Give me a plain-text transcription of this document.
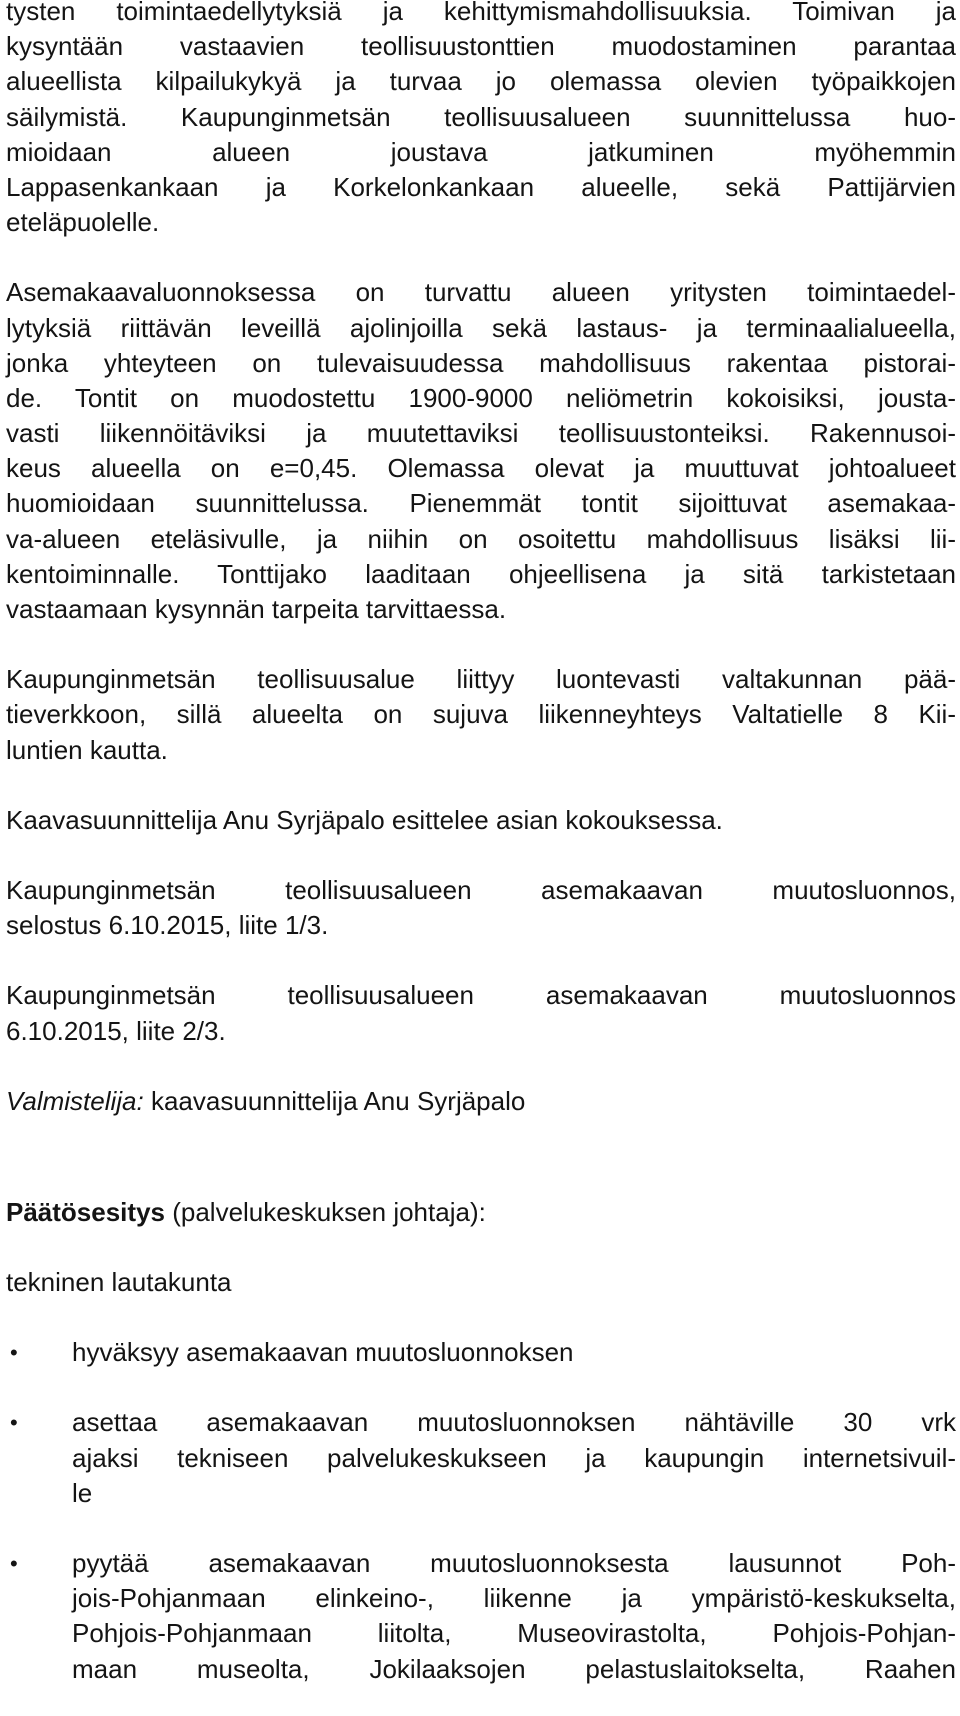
tysten toimintaedellytyksiä ja kehittymismahdollisuuksia. Toimivan ja
kysyntään vastaavien teollisuustonttien muodostaminen parantaa
alueellista kilpailukykyä ja turvaa jo olemassa olevien työpaikkojen
säilymistä. Kaupunginmetsän teollisuusalueen suunnittelussa huo-
mioidaan alueen joustava jatkuminen myöhemmin
Lappasenkankaan ja Korkelonkankaan alueelle, sekä Pattijärvien
eteläpuolelle.
Asemakaavaluonnoksessa on turvattu alueen yritysten toimintaedel-
lytyksiä riittävän leveillä ajolinjoilla sekä lastaus- ja terminaalialueella,
jonka yhteyteen on tulevaisuudessa mahdollisuus rakentaa pistorai-
de. Tontit on muodostettu 1900-9000 neliömetrin kokoisiksi, jousta-
vasti liikennöitäviksi ja muutettaviksi teollisuustonteiksi. Rakennusoi-
keus alueella on e=0,45. Olemassa olevat ja muuttuvat johtoalueet
huomioidaan suunnittelussa. Pienemmät tontit sijoittuvat asemakaa-
va-alueen eteläsivulle, ja niihin on osoitettu mahdollisuus lisäksi lii-
kentoiminnalle. Tonttijako laaditaan ohjeellisena ja sitä tarkistetaan
vastaamaan kysynnän tarpeita tarvittaessa.
Kaupunginmetsän teollisuusalue liittyy luontevasti valtakunnan pää-
tieverkkoon, sillä alueelta on sujuva liikenneyhteys Valtatielle 8 Kii-
luntien kautta.
Kaavasuunnittelija Anu Syrjäpalo esittelee asian kokouksessa.
Kaupunginmetsän teollisuusalueen asemakaavan muutosluonnos,
selostus 6.10.2015, liite 1/3.
Kaupunginmetsän teollisuusalueen asemakaavan muutosluonnos
6.10.2015, liite 2/3.
Valmistelija: kaavasuunnittelija Anu Syrjäpalo
Päätösesitys (palvelukeskuksen johtaja):
tekninen lautakunta
•	hyväksyy asemakaavan muutosluonnoksen
•	asettaa asemakaavan muutosluonnoksen nähtäville 30 vrk
ajaksi tekniseen palvelukeskukseen ja kaupungin internetsivuil-
le
•	pyytää asemakaavan muutosluonnoksesta lausunnot Poh-
jois-Pohjanmaan elinkeino-, liikenne ja ympäristö-keskukselta,
Pohjois-Pohjanmaan liitolta, Museovirastolta, Pohjois-Pohjan-
maan museolta, Jokilaaksojen pelastuslaitokselta, Raahen
